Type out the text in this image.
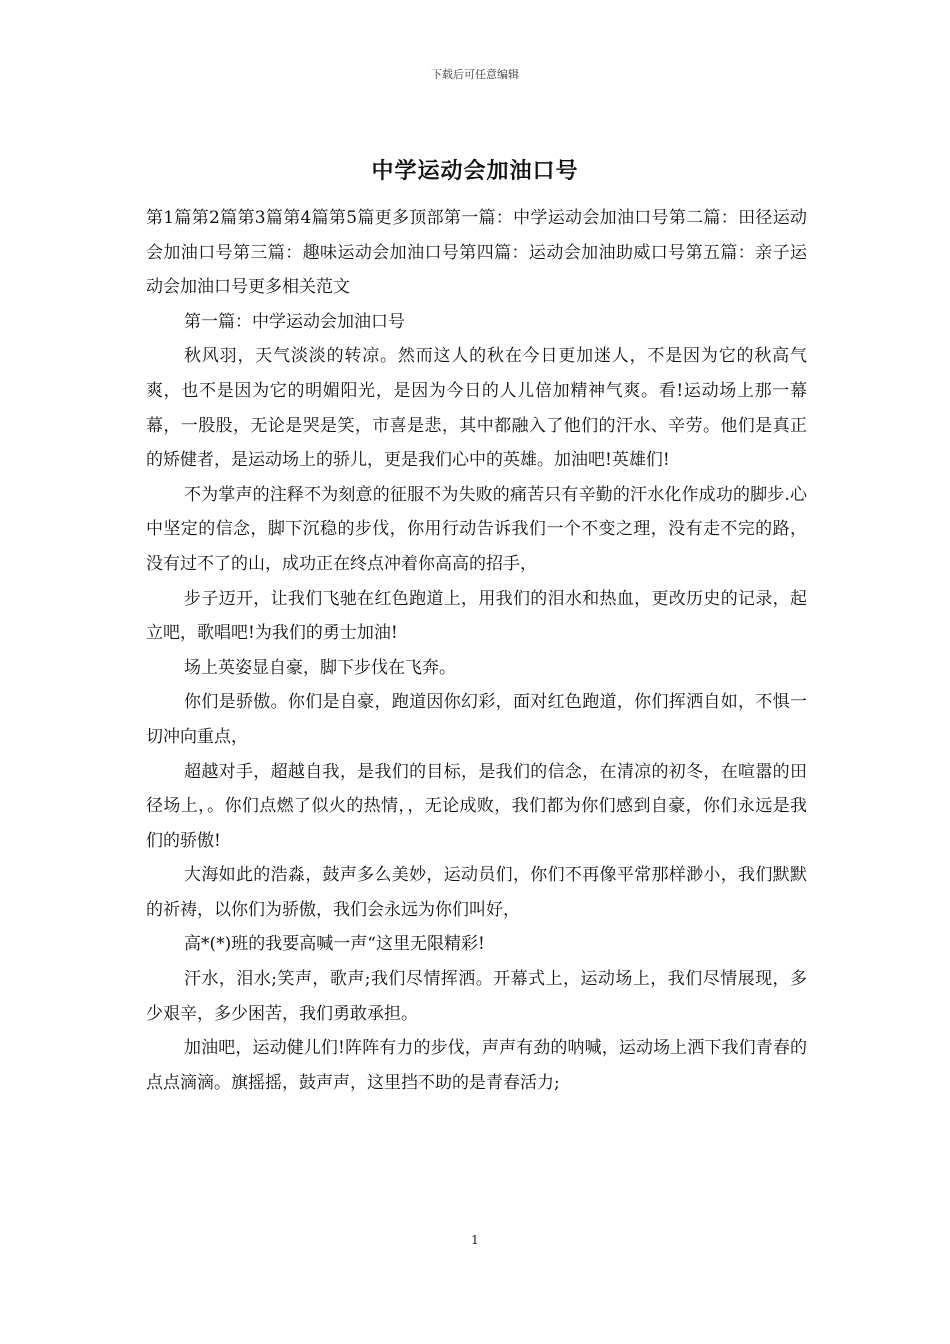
下载后可任意编辑
中学运动会加油口号

第1篇第2篇第3篇第4篇第5篇更多顶部第一篇：中学运动会加油口号第二篇：田径运动会加油口号第三篇：趣味运动会加油口号第四篇：运动会加油助威口号第五篇：亲子运动会加油口号更多相关范文

第一篇：中学运动会加油口号

秋风羽，天气淡淡的转凉。然而这人的秋在今日更加迷人，不是因为它的秋高气爽，也不是因为它的明媚阳光，是因为今日的人儿倍加精神气爽。看!运动场上那一幕幕，一股股，无论是哭是笑，市喜是悲，其中都融入了他们的汗水、辛劳。他们是真正的矫健者，是运动场上的骄儿，更是我们心中的英雄。加油吧!英雄们!

不为掌声的注释不为刻意的征服不为失败的痛苦只有辛勤的汗水化作成功的脚步.心中坚定的信念，脚下沉稳的步伐，你用行动告诉我们一个不变之理，没有走不完的路，没有过不了的山，成功正在终点冲着你高高的招手，

步子迈开，让我们飞驰在红色跑道上，用我们的泪水和热血，更改历史的记录，起立吧，歌唱吧!为我们的勇士加油!

场上英姿显自豪，脚下步伐在飞奔。

你们是骄傲。你们是自豪，跑道因你幻彩，面对红色跑道，你们挥洒自如，不惧一切冲向重点，

超越对手，超越自我，是我们的目标，是我们的信念，在清凉的初冬，在喧嚣的田径场上，。你们点燃了似火的热情，，无论成败，我们都为你们感到自豪，你们永远是我们的骄傲!

大海如此的浩淼，鼓声多么美妙，运动员们，你们不再像平常那样渺小，我们默默的祈祷，以你们为骄傲，我们会永远为你们叫好，

高*(*)班的我要高喊一声“这里无限精彩!

汗水，泪水;笑声，歌声;我们尽情挥洒。开幕式上，运动场上，我们尽情展现，多少艰辛，多少困苦，我们勇敢承担。

加油吧，运动健儿们!阵阵有力的步伐，声声有劲的呐喊，运动场上洒下我们青春的点点滴滴。旗摇摇，鼓声声，这里挡不助的是青春活力;

1
